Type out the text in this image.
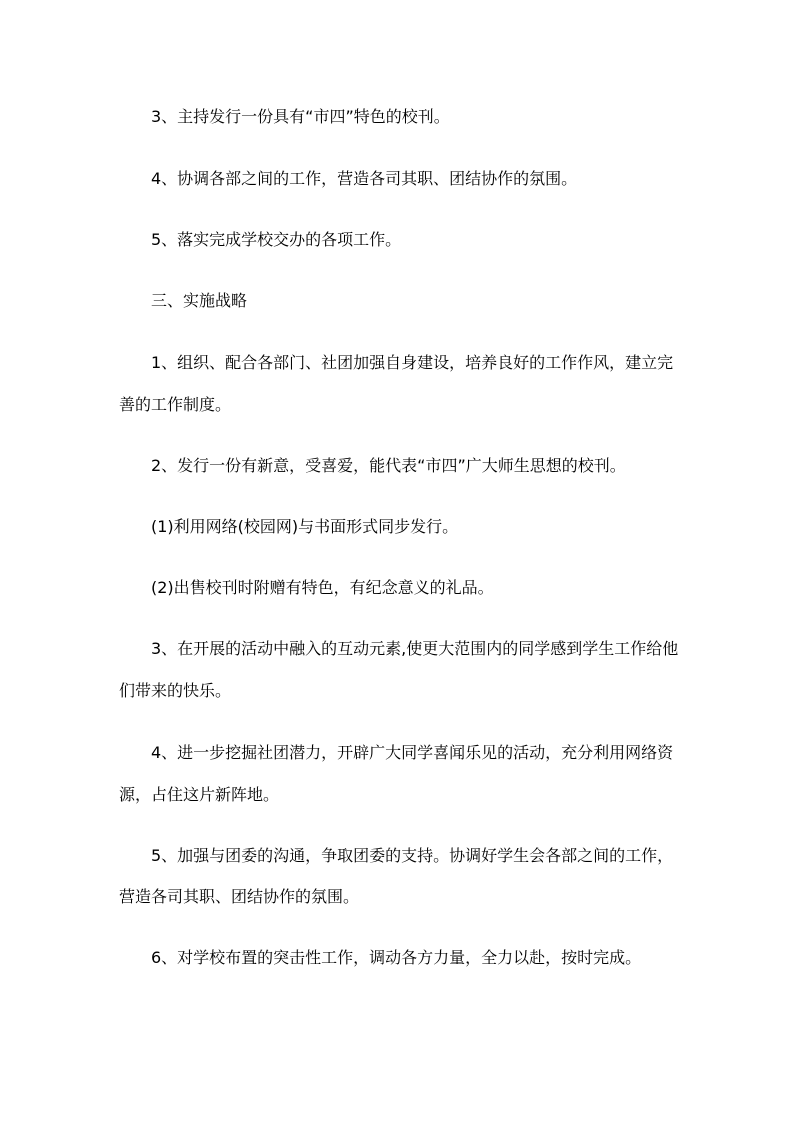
3、主持发行一份具有“市四”特色的校刊。
4、协调各部之间的工作，营造各司其职、团结协作的氛围。
5、落实完成学校交办的各项工作。
三、实施战略
1、组织、配合各部门、社团加强自身建设，培养良好的工作作风，建立完
善的工作制度。
2、发行一份有新意，受喜爱，能代表“市四”广大师生思想的校刊。
(1)利用网络(校园网)与书面形式同步发行。
(2)出售校刊时附赠有特色，有纪念意义的礼品。
3、在开展的活动中融入的互动元素,使更大范围内的同学感到学生工作给他
们带来的快乐。
4、进一步挖掘社团潜力，开辟广大同学喜闻乐见的活动，充分利用网络资
源，占住这片新阵地。
5、加强与团委的沟通，争取团委的支持。协调好学生会各部之间的工作，
营造各司其职、团结协作的氛围。
6、对学校布置的突击性工作，调动各方力量，全力以赴，按时完成。
